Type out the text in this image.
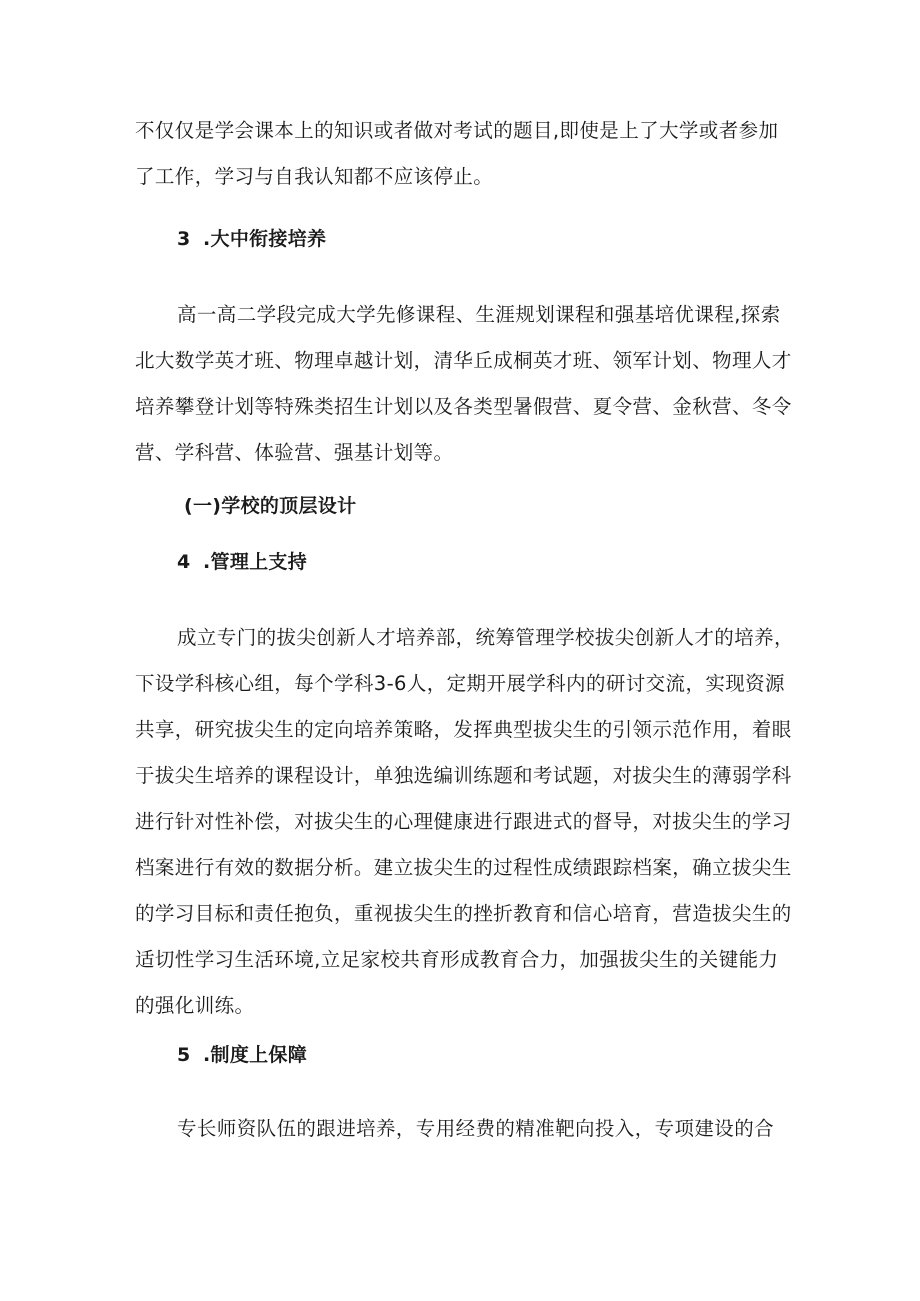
不仅仅是学会课本上的知识或者做对考试的题目,即使是上了大学或者参加
了工作，学习与自我认知都不应该停止。

3 .大中衔接培养

高一高二学段完成大学先修课程、生涯规划课程和强基培优课程,探索
北大数学英才班、物理卓越计划，清华丘成桐英才班、领军计划、物理人才
培养攀登计划等特殊类招生计划以及各类型暑假营、夏令营、金秋营、冬令
营、学科营、体验营、强基计划等。

(一)学校的顶层设计
4 .管理上支持

成立专门的拔尖创新人才培养部，统筹管理学校拔尖创新人才的培养，
下设学科核心组，每个学科3-6人，定期开展学科内的研讨交流，实现资源
共享，研究拔尖生的定向培养策略，发挥典型拔尖生的引领示范作用，着眼
于拔尖生培养的课程设计，单独选编训练题和考试题，对拔尖生的薄弱学科
进行针对性补偿，对拔尖生的心理健康进行跟进式的督导，对拔尖生的学习
档案进行有效的数据分析。建立拔尖生的过程性成绩跟踪档案，确立拔尖生
的学习目标和责任抱负，重视拔尖生的挫折教育和信心培育，营造拔尖生的
适切性学习生活环境,立足家校共育形成教育合力，加强拔尖生的关键能力
的强化训练。

5 .制度上保障

专长师资队伍的跟进培养，专用经费的精准靶向投入，专项建设的合
